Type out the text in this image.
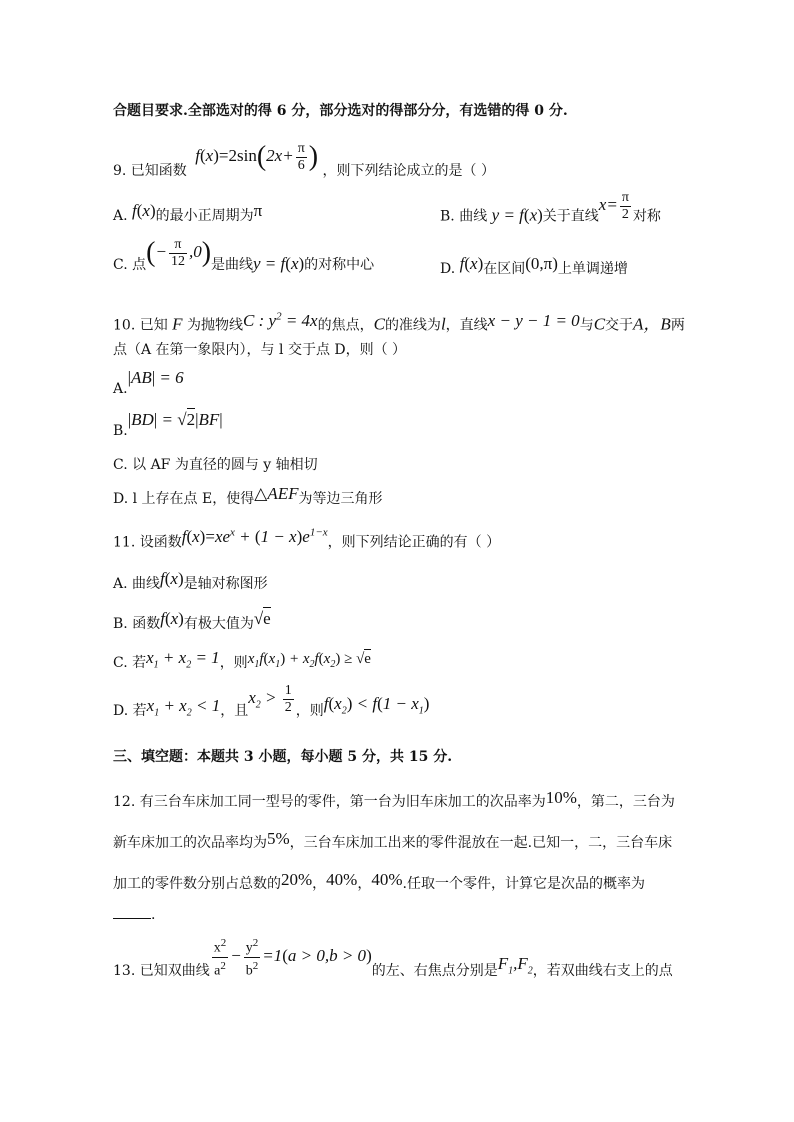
合题目要求.全部选对的得 6 分，部分选对的得部分分，有选错的得 0 分.
9. 已知函数 $f(x)=2\sin(2x+ \frac{\pi}{6}$ ) ，则下列结论成立的是（ ）
A. f(x)的最小正周期为π	B. 曲线 y = f(x)关于直线$x= \frac{\pi}{2}$ 对称
C. 点(− $\frac{\pi}{12} ,0$)是曲线y = f(x)的对称中心	D. f(x)在区间(0,π)上单调递增
10. 已知 F 为抛物线C : $y^2 = 4x$的焦点，C的准线为l，直线x − y − 1 = 0与C交于A，B两
点（A 在第一象限内），与 l 交于点 D，则（ ）
A.|AB| = 6
B.|BD| = √2|BF|
C. 以 AF 为直径的圆与 y 轴相切
D. l 上存在点 E，使得△AEF为等边三角形
11. 设函数$f(x)=xe^x + (1 - x)e^{1-x}$，则下列结论正确的有（ ）
A. 曲线f(x)是轴对称图形
B. 函数f(x)有极大值为√e
C. 若$x_1 + x_2 = 1$，则$x_1f(x_1) + x_2f(x_2) \ge √e$
D. 若$x_1 + x_2 < 1$，且$x_2 > \frac{1}{2}$ ，则$f(x_2) < f(1 - x_1)$
三、填空题：本题共 3 小题，每小题 5 分，共 15 分.
12. 有三台车床加工同一型号的零件，第一台为旧车床加工的次品率为10%，第二，三台为
新车床加工的次品率均为5%，三台车床加工出来的零件混放在一起.已知一，二，三台车床
加工的零件数分别占总数的20%，40%，40%.任取一个零件，计算它是次品的概率为
.
13. 已知双曲线 $\frac{x^2}{a^2} - \frac{y^2}{b^2} =1(a > 0,b > 0)$的左、右焦点分别是$F_1,F_2$，若双曲线右支上的点
